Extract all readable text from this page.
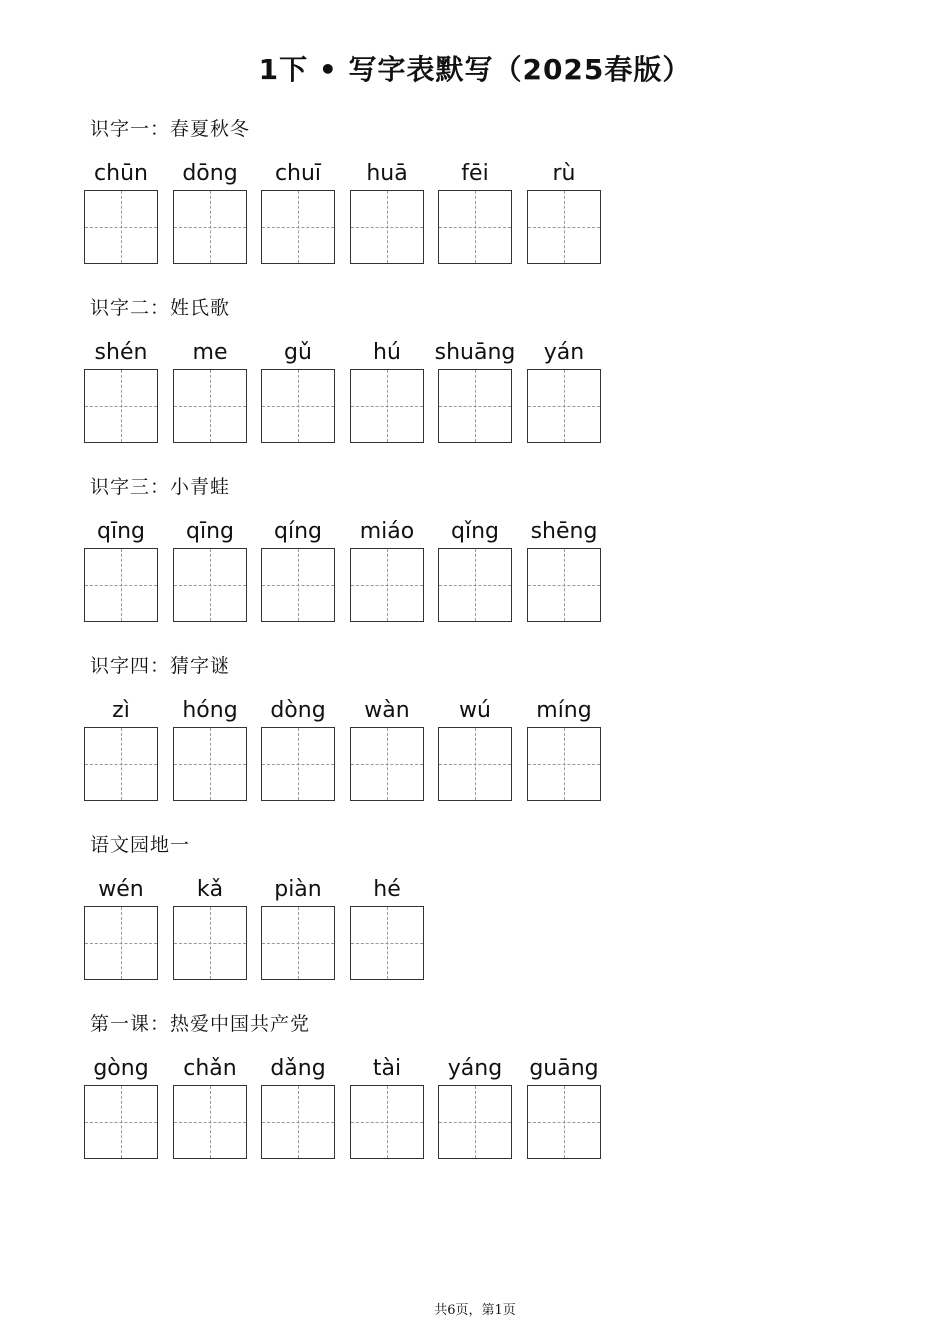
1下 • 写字表默写（2025春版）
识字一：春夏秋冬
chūn	dōng	chuī	huā	fēi	rù
识字二：姓氏歌
shén	me	gǔ	hú	shuāng	yán
识字三：小青蛙
qīng	qīng	qíng	miáo	qǐng	shēng
识字四：猜字谜
zì	hóng	dòng	wàn	wú	míng
语文园地一
wén	kǎ	piàn	hé
第一课：热爱中国共产党
gòng	chǎn	dǎng	tài	yáng	guāng
共6页，第1页
